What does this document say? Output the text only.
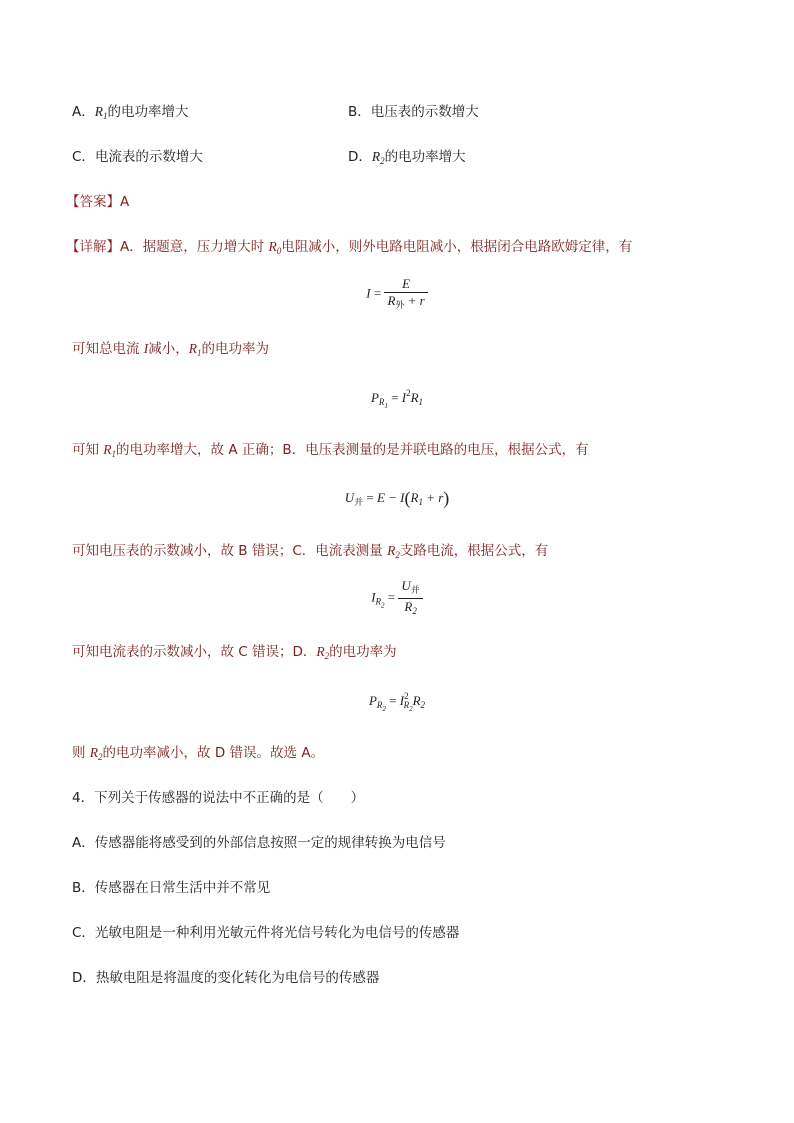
A．$R_1$的电功率增大	B．电压表的示数增大
C．电流表的示数增大	D．$R_2$的电功率增大
【答案】A
【详解】A．据题意，压力增大时 $R_0$电阻减小，则外电路电阻减小，根据闭合电路欧姆定律，有
$I = \frac{E}{R_外 + r}$
可知总电流 I减小，$R_1$的电功率为
$P_{R1} = I^2R_1$
可知 $R_1$的电功率增大，故 A 正确；B．电压表测量的是并联电路的电压，根据公式，有
$U_并 = E - I(R_1 + r)$
可知电压表的示数减小，故 B 错误；C．电流表测量 $R_2$支路电流，根据公式，有
$I_{R2} = \frac{U_并}{R_2}$
可知电流表的示数减小，故 C 错误；D．$R_2$的电功率为
$P_{R2} = I^2_{R2}R_2$
则 $R_2$的电功率减小，故 D 错误。故选 A。
4．下列关于传感器的说法中不正确的是（　　）
A．传感器能将感受到的外部信息按照一定的规律转换为电信号
B．传感器在日常生活中并不常见
C．光敏电阻是一种利用光敏元件将光信号转化为电信号的传感器
D．热敏电阻是将温度的变化转化为电信号的传感器
